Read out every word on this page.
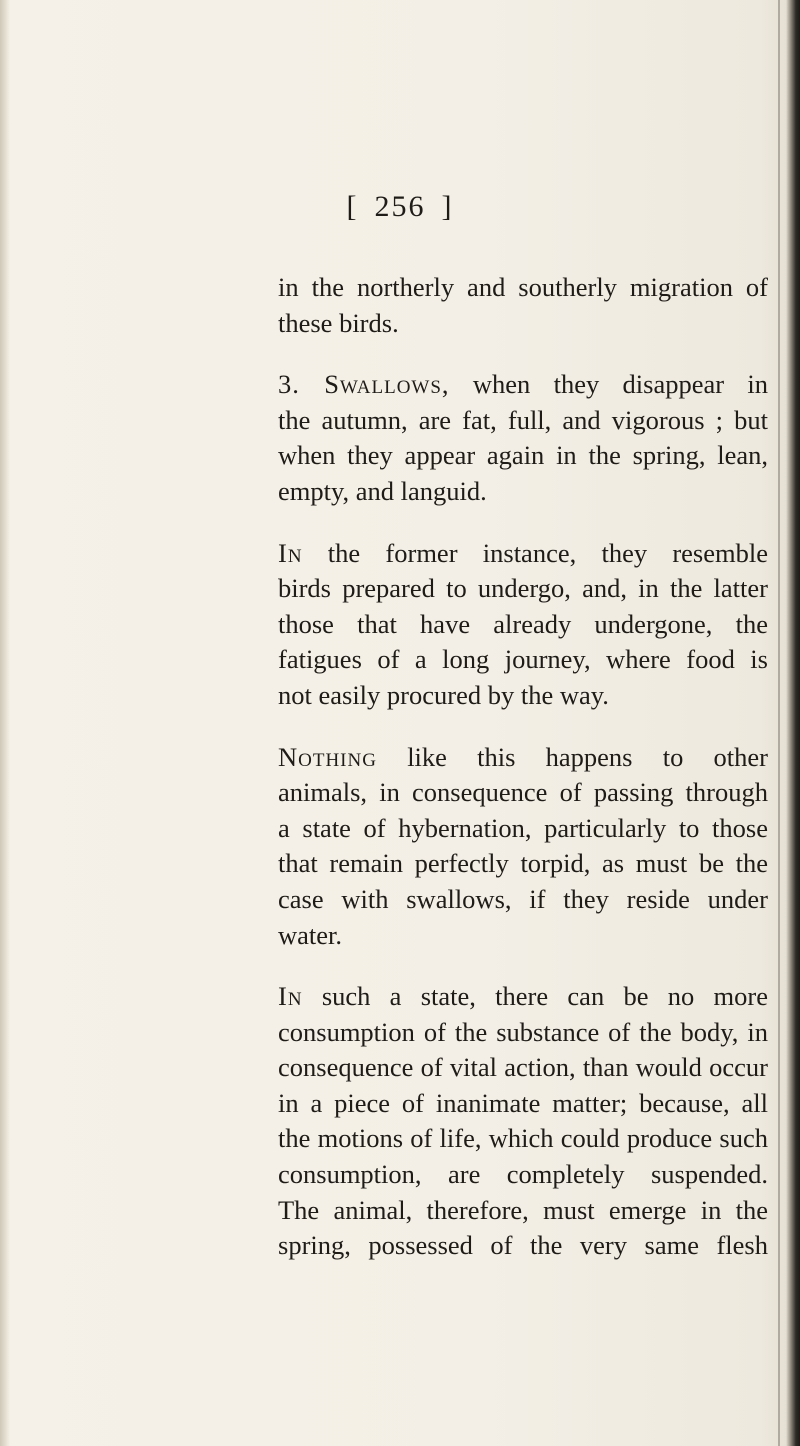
[ 256 ]
in the northerly and southerly migration of
these birds.
3. Swallows, when they disappear in
the autumn, are fat, full, and vigorous ; but
when they appear again in the spring, lean,
empty, and languid.
In the former instance, they resemble
birds prepared to undergo, and, in the latter
those that have already undergone, the
fatigues of a long journey, where food is
not easily procured by the way.
Nothing like this happens to other
animals, in consequence of passing through
a state of hybernation, particularly to those
that remain perfectly torpid, as must be the
case with swallows, if they reside under
water.
In such a state, there can be no more
consumption of the substance of the body, in
consequence of vital action, than would occur
in a piece of inanimate matter; because, all
the motions of life, which could produce such
consumption, are completely suspended.
The animal, therefore, must emerge in the
spring, possessed of the very same flesh
